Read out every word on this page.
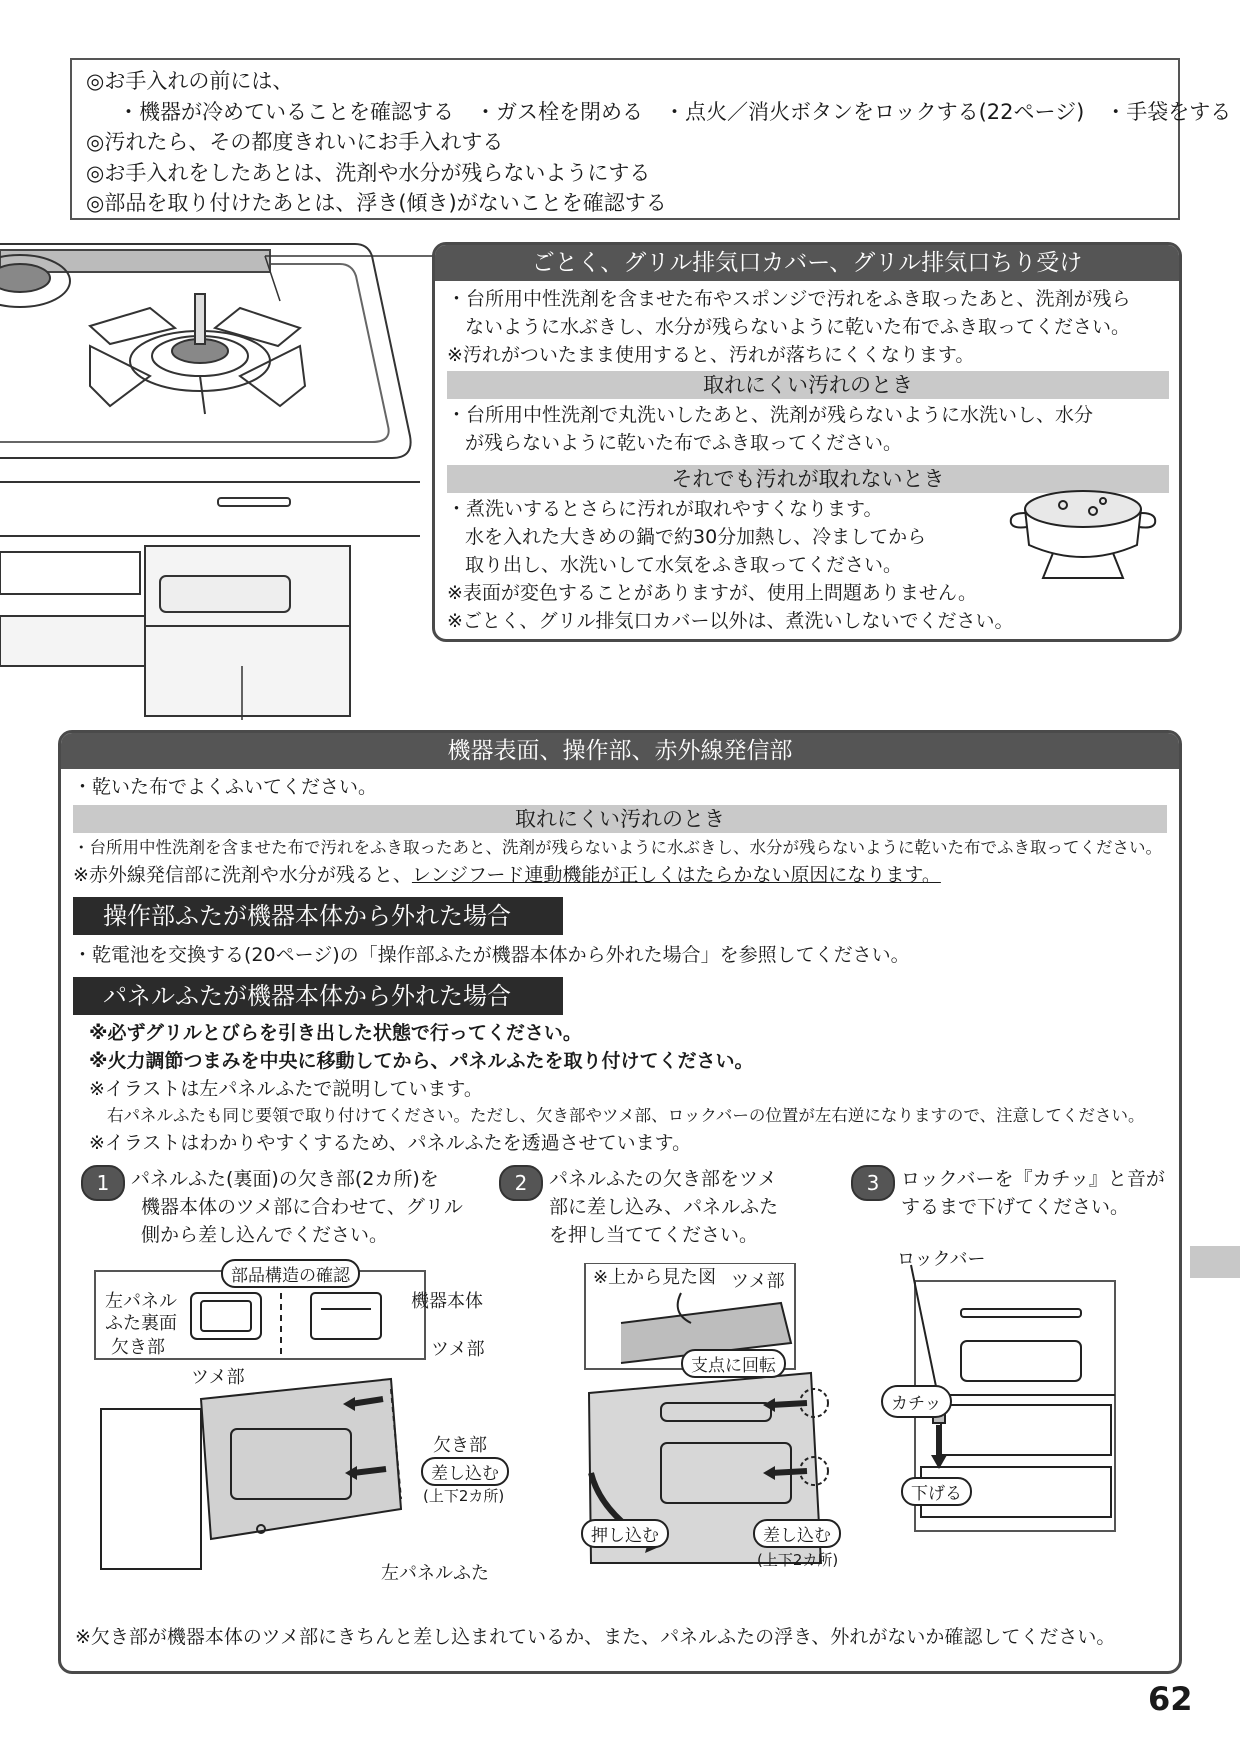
◎お手入れの前には、
・機器が冷めていることを確認する　・ガス栓を閉める　・点火／消火ボタンをロックする(22ページ)　・手袋をする
◎汚れたら、その都度きれいにお手入れする
◎お手入れをしたあとは、洗剤や水分が残らないようにする
◎部品を取り付けたあとは、浮き(傾き)がないことを確認する
ごとく、グリル排気口カバー、グリル排気口ちり受け
・台所用中性洗剤を含ませた布やスポンジで汚れをふき取ったあと、洗剤が残ら
ないように水ぶきし、水分が残らないように乾いた布でふき取ってください。
※汚れがついたまま使用すると、汚れが落ちにくくなります。
取れにくい汚れのとき
・台所用中性洗剤で丸洗いしたあと、洗剤が残らないように水洗いし、水分
が残らないように乾いた布でふき取ってください。
それでも汚れが取れないとき
・煮洗いするとさらに汚れが取れやすくなります。
水を入れた大きめの鍋で約30分加熱し、冷ましてから
取り出し、水洗いして水気をふき取ってください。
※表面が変色することがありますが、使用上問題ありません。
※ごとく、グリル排気口カバー以外は、煮洗いしないでください。
機器表面、操作部、赤外線発信部
・乾いた布でよくふいてください。
取れにくい汚れのとき
・台所用中性洗剤を含ませた布で汚れをふき取ったあと、洗剤が残らないように水ぶきし、水分が残らないように乾いた布でふき取ってください。
※赤外線発信部に洗剤や水分が残ると、レンジフード連動機能が正しくはたらかない原因になります。
操作部ふたが機器本体から外れた場合
・乾電池を交換する(20ページ)の「操作部ふたが機器本体から外れた場合」を参照してください。
パネルふたが機器本体から外れた場合
※必ずグリルとびらを引き出した状態で行ってください。
※火力調節つまみを中央に移動してから、パネルふたを取り付けてください。
※イラストは左パネルふたで説明しています。
右パネルふたも同じ要領で取り付けてください。ただし、欠き部やツメ部、ロックバーの位置が左右逆になりますので、注意してください。
※イラストはわかりやすくするため、パネルふたを透過させています。
1	パネルふた(裏面)の欠き部(2カ所)を
機器本体のツメ部に合わせて、グリル
側から差し込んでください。
2	パネルふたの欠き部をツメ
部に差し込み、パネルふた
を押し当ててください。
3	ロックバーを『カチッ』と音が
するまで下げてください。
部品構造の確認
左パネル
ふた裏面
欠き部
機器本体
ツメ部
ツメ部
欠き部
差し込む
(上下2カ所)
左パネルふた
※上から見た図 ツメ部
支点に回転
押し込む	差し込む
(上下2カ所)
ロックバー
カチッ
下げる
※欠き部が機器本体のツメ部にきちんと差し込まれているか、また、パネルふたの浮き、外れがないか確認してください。
62
